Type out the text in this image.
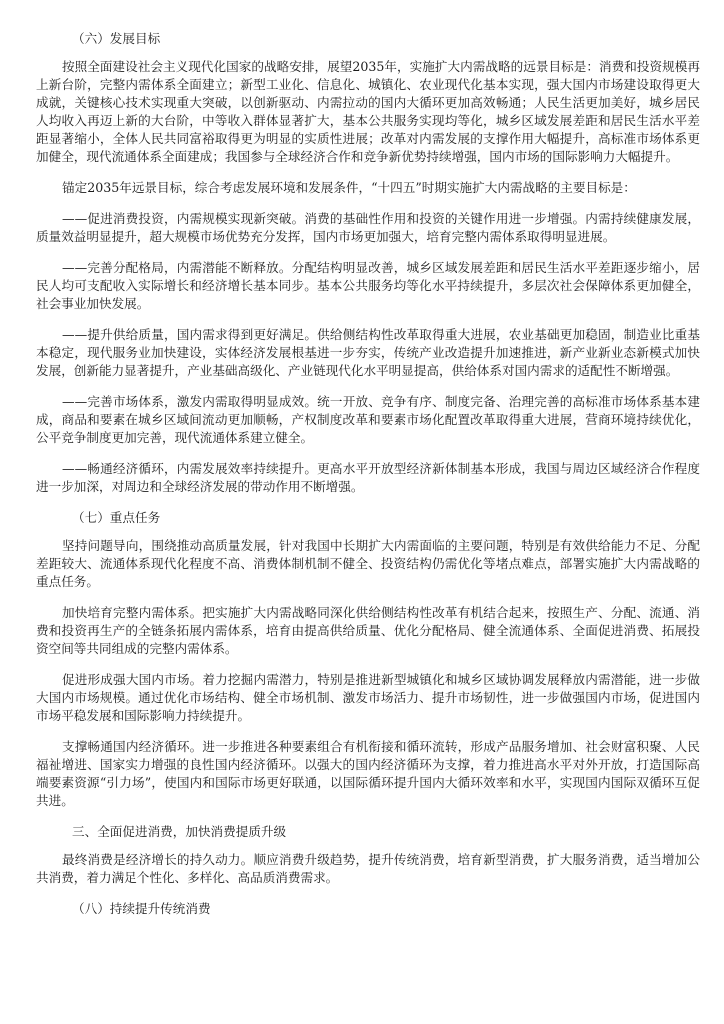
（六）发展目标

按照全面建设社会主义现代化国家的战略安排，展望2035年，实施扩大内需战略的远景目标是：消费和投资规模再上新台阶，完整内需体系全面建立；新型工业化、信息化、城镇化、农业现代化基本实现，强大国内市场建设取得更大成就，关键核心技术实现重大突破，以创新驱动、内需拉动的国内大循环更加高效畅通；人民生活更加美好，城乡居民人均收入再迈上新的大台阶，中等收入群体显著扩大，基本公共服务实现均等化，城乡区域发展差距和居民生活水平差距显著缩小，全体人民共同富裕取得更为明显的实质性进展；改革对内需发展的支撑作用大幅提升，高标准市场体系更加健全，现代流通体系全面建成；我国参与全球经济合作和竞争新优势持续增强，国内市场的国际影响力大幅提升。

锚定2035年远景目标，综合考虑发展环境和发展条件，“十四五”时期实施扩大内需战略的主要目标是：

——促进消费投资，内需规模实现新突破。消费的基础性作用和投资的关键作用进一步增强。内需持续健康发展，质量效益明显提升，超大规模市场优势充分发挥，国内市场更加强大，培育完整内需体系取得明显进展。

——完善分配格局，内需潜能不断释放。分配结构明显改善，城乡区域发展差距和居民生活水平差距逐步缩小，居民人均可支配收入实际增长和经济增长基本同步。基本公共服务均等化水平持续提升，多层次社会保障体系更加健全，社会事业加快发展。

——提升供给质量，国内需求得到更好满足。供给侧结构性改革取得重大进展，农业基础更加稳固，制造业比重基本稳定，现代服务业加快建设，实体经济发展根基进一步夯实，传统产业改造提升加速推进，新产业新业态新模式加快发展，创新能力显著提升，产业基础高级化、产业链现代化水平明显提高，供给体系对国内需求的适配性不断增强。

——完善市场体系，激发内需取得明显成效。统一开放、竞争有序、制度完备、治理完善的高标准市场体系基本建成，商品和要素在城乡区域间流动更加顺畅，产权制度改革和要素市场化配置改革取得重大进展，营商环境持续优化，公平竞争制度更加完善，现代流通体系建立健全。

——畅通经济循环，内需发展效率持续提升。更高水平开放型经济新体制基本形成，我国与周边区域经济合作程度进一步加深，对周边和全球经济发展的带动作用不断增强。

（七）重点任务

坚持问题导向，围绕推动高质量发展，针对我国中长期扩大内需面临的主要问题，特别是有效供给能力不足、分配差距较大、流通体系现代化程度不高、消费体制机制不健全、投资结构仍需优化等堵点难点，部署实施扩大内需战略的重点任务。

加快培育完整内需体系。把实施扩大内需战略同深化供给侧结构性改革有机结合起来，按照生产、分配、流通、消费和投资再生产的全链条拓展内需体系，培育由提高供给质量、优化分配格局、健全流通体系、全面促进消费、拓展投资空间等共同组成的完整内需体系。

促进形成强大国内市场。着力挖掘内需潜力，特别是推进新型城镇化和城乡区域协调发展释放内需潜能，进一步做大国内市场规模。通过优化市场结构、健全市场机制、激发市场活力、提升市场韧性，进一步做强国内市场，促进国内市场平稳发展和国际影响力持续提升。

支撑畅通国内经济循环。进一步推进各种要素组合有机衔接和循环流转，形成产品服务增加、社会财富积聚、人民福祉增进、国家实力增强的良性国内经济循环。以强大的国内经济循环为支撑，着力推进高水平对外开放，打造国际高端要素资源“引力场”，使国内和国际市场更好联通，以国际循环提升国内大循环效率和水平，实现国内国际双循环互促共进。

三、全面促进消费，加快消费提质升级

最终消费是经济增长的持久动力。顺应消费升级趋势，提升传统消费，培育新型消费，扩大服务消费，适当增加公共消费，着力满足个性化、多样化、高品质消费需求。

（八）持续提升传统消费
